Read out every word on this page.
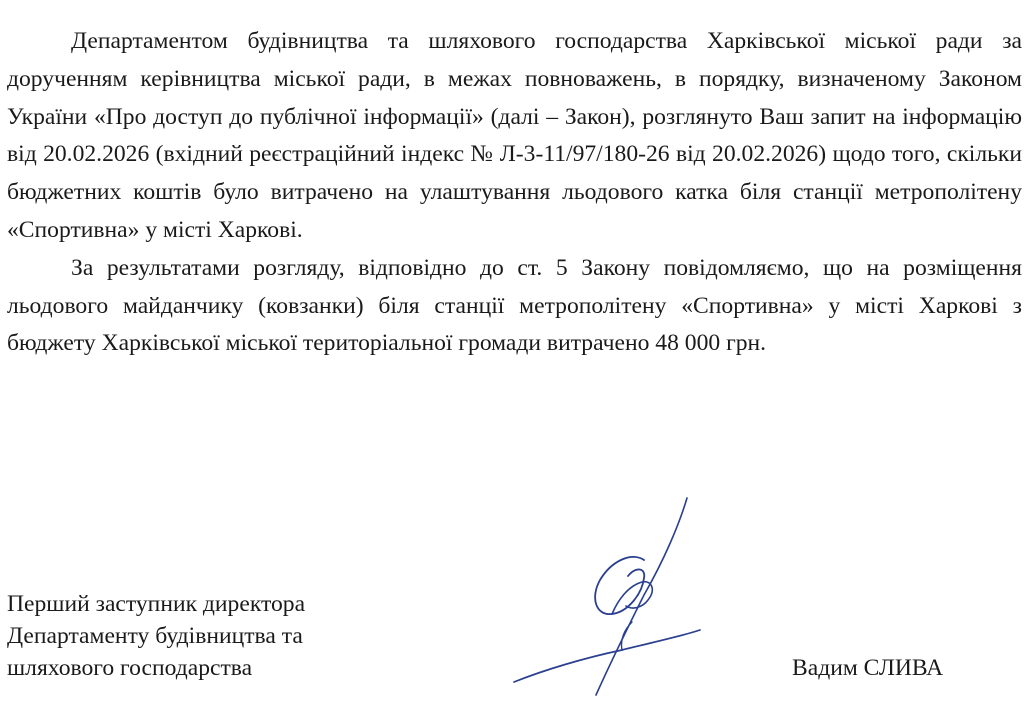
Департаментом будівництва та шляхового господарства Харківської міської ради за дорученням керівництва міської ради, в межах повноважень, в порядку, визначеному Законом України «Про доступ до публічної інформації» (далі – Закон), розглянуто Ваш запит на інформацію від 20.02.2026 (вхідний реєстраційний індекс № Л-3-11/97/180-26 від 20.02.2026) щодо того, скільки бюджетних коштів було витрачено на улаштування льодового катка біля станції метрополітену «Спортивна» у місті Харкові.

За результатами розгляду, відповідно до ст. 5 Закону повідомляємо, що на розміщення льодового майданчику (ковзанки) біля станції метрополітену «Спортивна» у місті Харкові з бюджету Харківської міської територіальної громади витрачено 48 000 грн.

Перший заступник директора
Департаменту будівництва та
шляхового господарства	Вадим СЛИВА
